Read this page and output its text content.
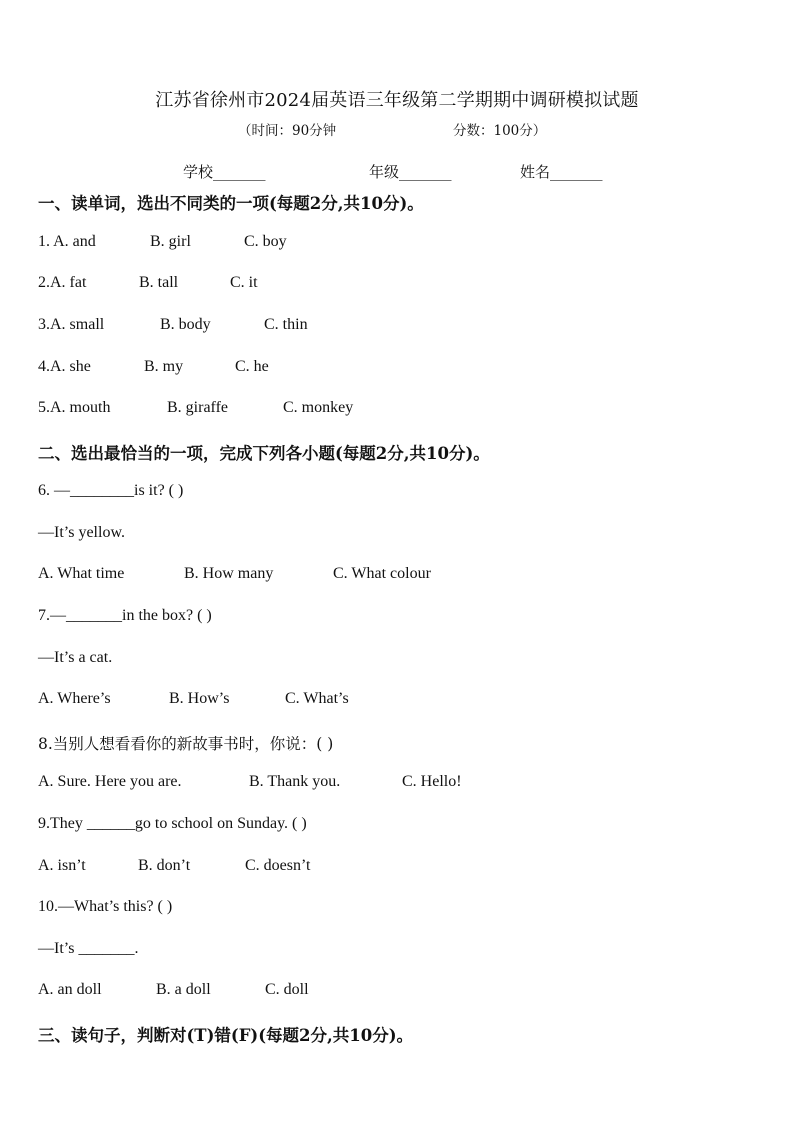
江苏省徐州市2024届英语三年级第二学期期中调研模拟试题
（时间：90分钟	分数：100分）
学校_______	年级_______	姓名_______
一、读单词，选出不同类的一项(每题2分,共10分)。
1. A. and	B. girl	C. boy
2.A. fat	B. tall	C. it
3.A. small	B. body	C. thin
4.A. she	B. my	C. he
5.A. mouth	B. giraffe	C. monkey
二、选出最恰当的一项，完成下列各小题(每题2分,共10分)。
6. —________is it? ( )
—It’s yellow.
A. What time	B. How many	C. What colour
7.—_______in the box? ( )
—It’s a cat.
A. Where’s	B. How’s	C. What’s
8.当别人想看看你的新故事书时，你说：( )
A. Sure. Here you are.	B. Thank you.	C. Hello!
9.They ______go to school on Sunday. ( )
A. isn’t	B. don’t	C. doesn’t
10.—What’s this? ( )
—It’s _______.
A. an doll	B. a doll	C. doll
三、读句子，判断对(T)错(F)(每题2分,共10分)。
